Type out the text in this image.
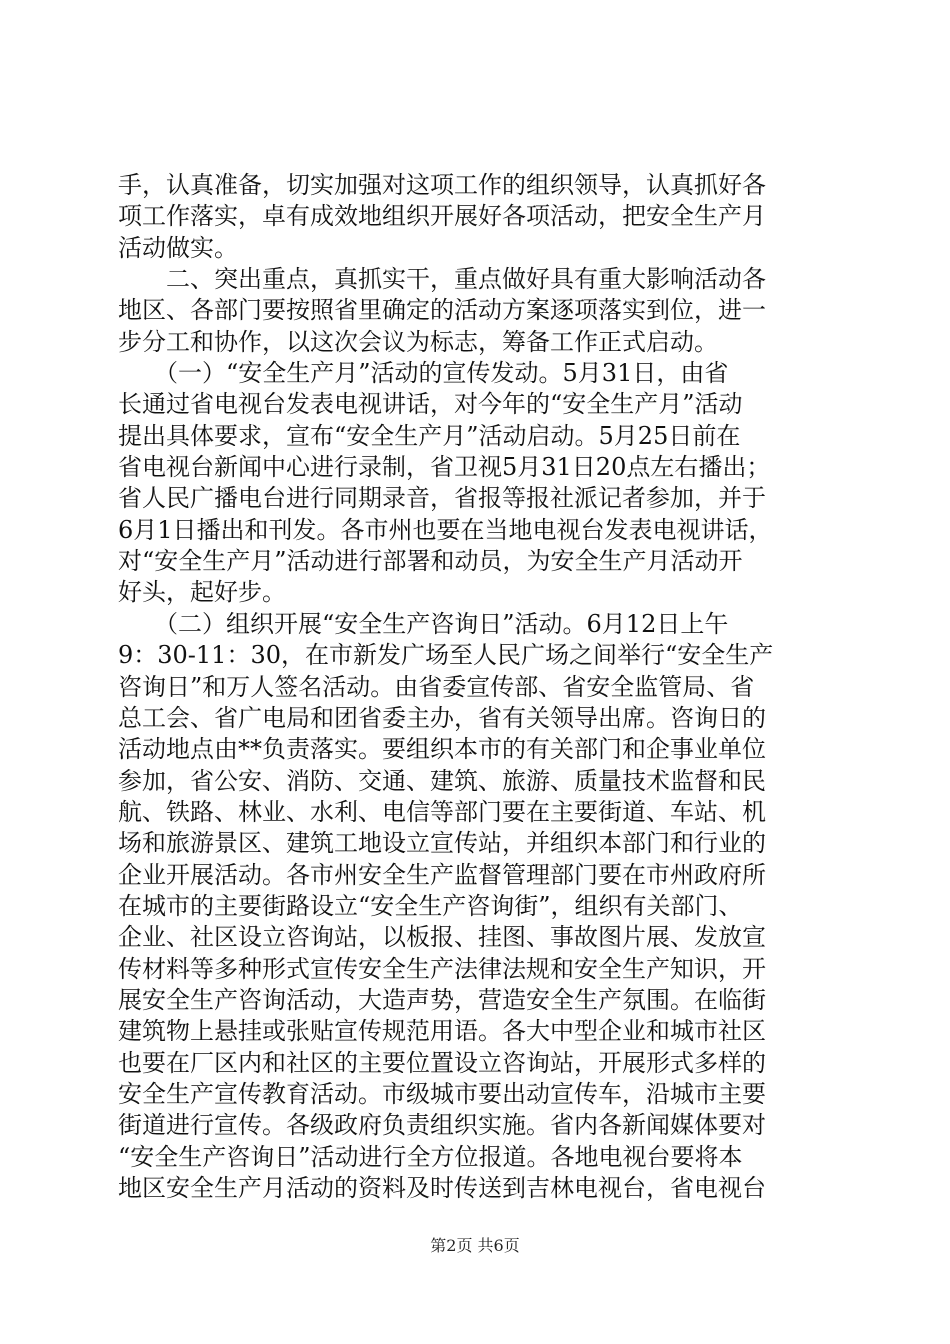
手，认真准备，切实加强对这项工作的组织领导，认真抓好各
项工作落实，卓有成效地组织开展好各项活动，把安全生产月
活动做实。
　　二、突出重点，真抓实干，重点做好具有重大影响活动各
地区、各部门要按照省里确定的活动方案逐项落实到位，进一
步分工和协作，以这次会议为标志，筹备工作正式启动。
　　（一）“安全生产月”活动的宣传发动。5月31日，由省
长通过省电视台发表电视讲话，对今年的“安全生产月”活动
提出具体要求，宣布“安全生产月”活动启动。5月25日前在
省电视台新闻中心进行录制，省卫视5月31日20点左右播出；
省人民广播电台进行同期录音，省报等报社派记者参加，并于
6月1日播出和刊发。各市州也要在当地电视台发表电视讲话，
对“安全生产月”活动进行部署和动员，为安全生产月活动开
好头，起好步。
　　（二）组织开展“安全生产咨询日”活动。6月12日上午
9：30-11：30，在市新发广场至人民广场之间举行“安全生产
咨询日”和万人签名活动。由省委宣传部、省安全监管局、省
总工会、省广电局和团省委主办，省有关领导出席。咨询日的
活动地点由**负责落实。要组织本市的有关部门和企事业单位
参加，省公安、消防、交通、建筑、旅游、质量技术监督和民
航、铁路、林业、水利、电信等部门要在主要街道、车站、机
场和旅游景区、建筑工地设立宣传站，并组织本部门和行业的
企业开展活动。各市州安全生产监督管理部门要在市州政府所
在城市的主要街路设立“安全生产咨询街”，组织有关部门、
企业、社区设立咨询站，以板报、挂图、事故图片展、发放宣
传材料等多种形式宣传安全生产法律法规和安全生产知识，开
展安全生产咨询活动，大造声势，营造安全生产氛围。在临街
建筑物上悬挂或张贴宣传规范用语。各大中型企业和城市社区
也要在厂区内和社区的主要位置设立咨询站，开展形式多样的
安全生产宣传教育活动。市级城市要出动宣传车，沿城市主要
街道进行宣传。各级政府负责组织实施。省内各新闻媒体要对
“安全生产咨询日”活动进行全方位报道。各地电视台要将本
地区安全生产月活动的资料及时传送到吉林电视台，省电视台
第2页 共6页
